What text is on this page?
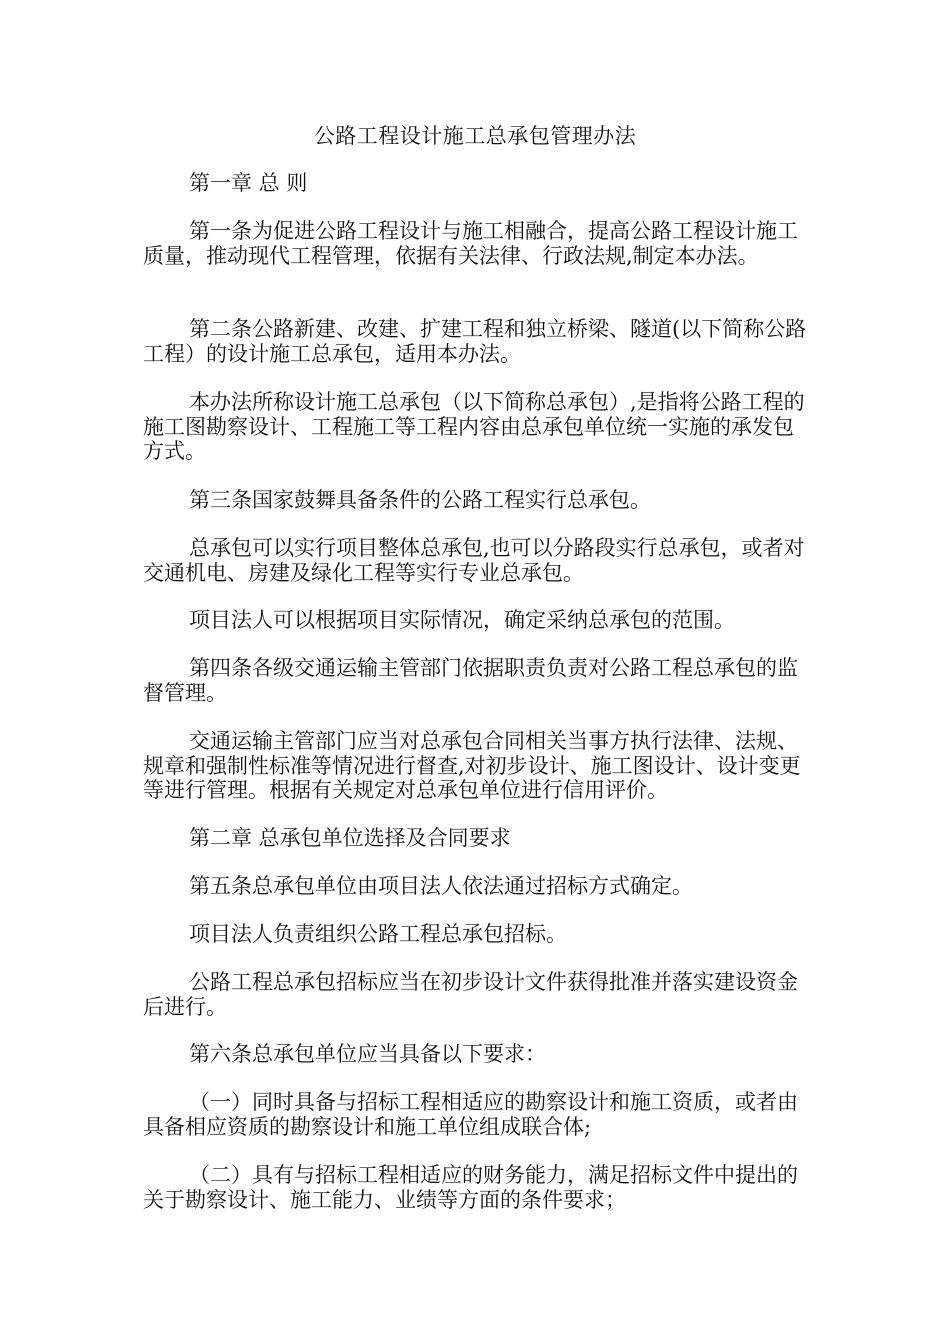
公路工程设计施工总承包管理办法

第一章 总 则

第一条为促进公路工程设计与施工相融合，提高公路工程设计施工质量，推动现代工程管理，依据有关法律、行政法规,制定本办法。

第二条公路新建、改建、扩建工程和独立桥梁、隧道(以下简称公路工程）的设计施工总承包，适用本办法。

本办法所称设计施工总承包（以下简称总承包）,是指将公路工程的施工图勘察设计、工程施工等工程内容由总承包单位统一实施的承发包方式。

第三条国家鼓舞具备条件的公路工程实行总承包。

总承包可以实行项目整体总承包,也可以分路段实行总承包，或者对交通机电、房建及绿化工程等实行专业总承包。

项目法人可以根据项目实际情况，确定采纳总承包的范围。

第四条各级交通运输主管部门依据职责负责对公路工程总承包的监督管理。

交通运输主管部门应当对总承包合同相关当事方执行法律、法规、规章和强制性标准等情况进行督查,对初步设计、施工图设计、设计变更等进行管理。根据有关规定对总承包单位进行信用评价。

第二章 总承包单位选择及合同要求

第五条总承包单位由项目法人依法通过招标方式确定。

项目法人负责组织公路工程总承包招标。

公路工程总承包招标应当在初步设计文件获得批准并落实建设资金后进行。

第六条总承包单位应当具备以下要求：

（一）同时具备与招标工程相适应的勘察设计和施工资质，或者由具备相应资质的勘察设计和施工单位组成联合体;

（二）具有与招标工程相适应的财务能力，满足招标文件中提出的关于勘察设计、施工能力、业绩等方面的条件要求；
